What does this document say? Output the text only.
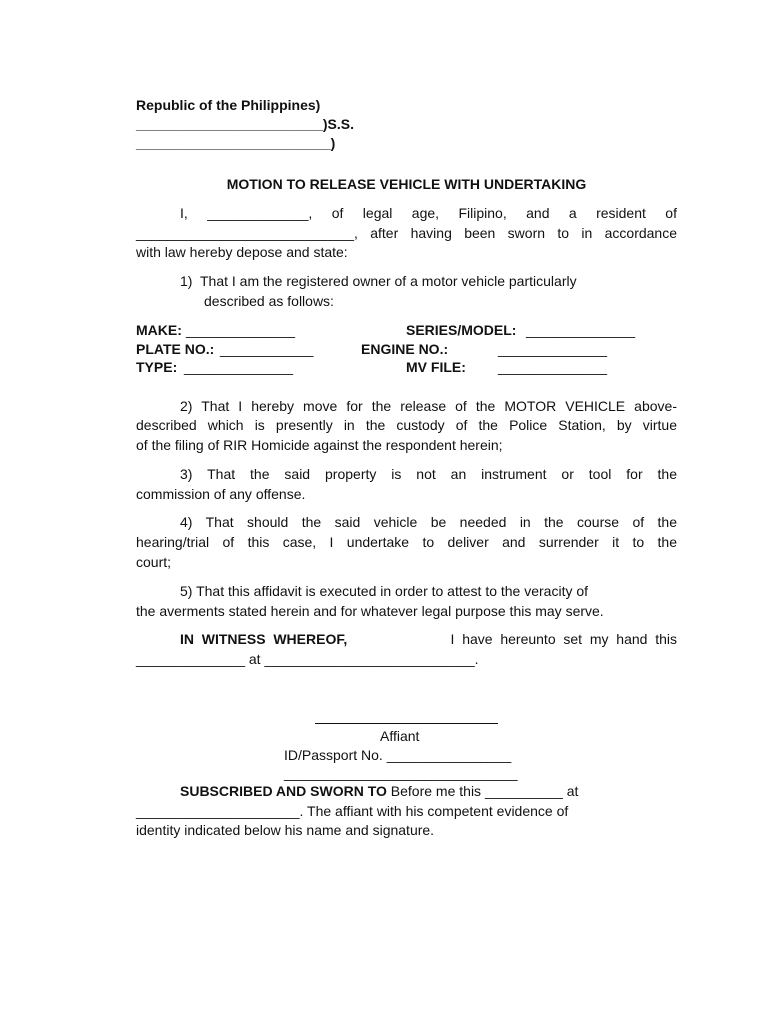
Republic of the Philippines)
________________________)S.S.
_________________________)
MOTION TO RELEASE VEHICLE WITH UNDERTAKING
I, _____________, of legal age, Filipino, and a resident of
____________________________, after having been sworn to in accordance
with law hereby depose and state:
1)  That I am the registered owner of a motor vehicle particularly
described as follows:
MAKE: ______________	SERIES/MODEL: ______________
PLATE NO.: ____________	ENGINE NO.:	______________
TYPE: ______________	MV FILE: ______________
2) That I hereby move for the release of the MOTOR VEHICLE above-
described which is presently in the custody of the Police Station, by virtue
of the filing of RIR Homicide against the respondent herein;
3) That the said property is not an instrument or tool for the
commission of any offense.
4) That should the said vehicle be needed in the course of the
hearing/trial of this case, I undertake to deliver and surrender it to the
court;
5) That this affidavit is executed in order to attest to the veracity of
the averments stated herein and for whatever legal purpose this may serve.
IN  WITNESS  WHEREOF,	I  have  hereunto  set  my  hand  this
______________ at ___________________________.
Affiant
ID/Passport No. ________________
______________________________
SUBSCRIBED AND SWORN TO Before me this __________ at
_____________________. The affiant with his competent evidence of
identity indicated below his name and signature.
